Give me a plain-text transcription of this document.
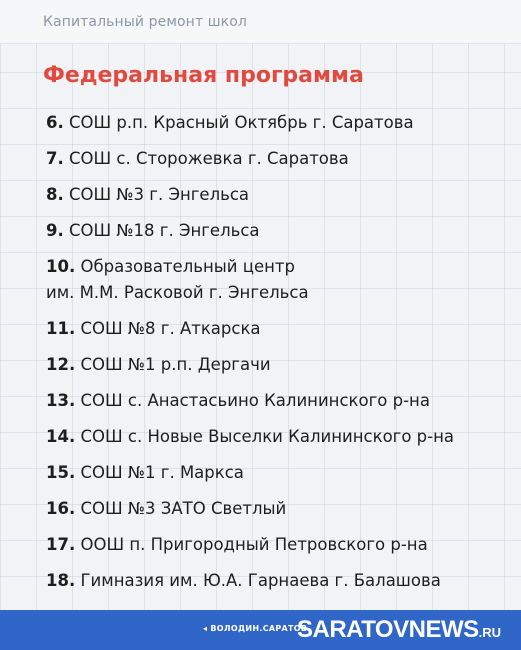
Капитальный ремонт школ
Федеральная программа
6. СОШ р.п. Красный Октябрь г. Саратова
7. СОШ с. Сторожевка г. Саратова
8. СОШ №3 г. Энгельса
9. СОШ №18 г. Энгельса
10. Образовательный центр
им. М.М. Расковой г. Энгельса
11. СОШ №8 г. Аткарска
12. СОШ №1 р.п. Дергачи
13. СОШ с. Анастасьино Калининского р-на
14. СОШ с. Новые Выселки Калининского р-на
15. СОШ №1 г. Маркса
16. СОШ №3 ЗАТО Светлый
17. ООШ п. Пригородный Петровского р-на
18. Гимназия им. Ю.А. Гарнаева г. Балашова
◂ ВОЛОДИН.САРАТОВ
SARATOVNEWS.RU
